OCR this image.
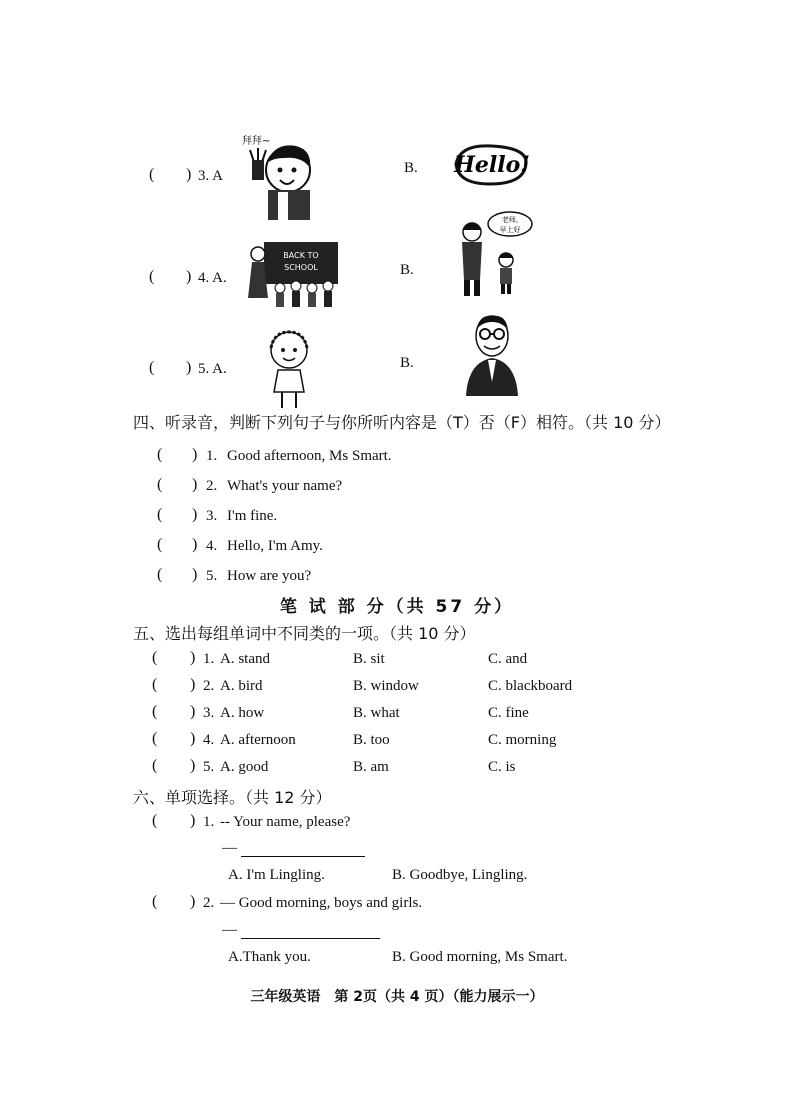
( ) 3. A	B.
拜拜~
Hello!
( ) 4. A.	B.
BACK TO
SCHOOL
老师,
早上好
( ) 5. A.	B.
四、听录音，判断下列句子与你所听内容是（T）否（F）相符。（共 10 分）
( ) 1. Good afternoon, Ms Smart.
( ) 2. What's your name?
( ) 3. I'm fine.
( ) 4. Hello, I'm Amy.
( ) 5. How are you?
笔 试 部 分（共 57 分）
五、选出每组单词中不同类的一项。（共 10 分）
( ) 1. A. stand	B. sit	C. and
( ) 2. A. bird	B. window	C. blackboard
( ) 3. A. how	B. what	C. fine
( ) 4. A. afternoon	B. too	C. morning
( ) 5. A. good	B. am	C. is
六、单项选择。（共 12 分）
( ) 1. -- Your name, please?
—
A. I'm Lingling.	B. Goodbye, Lingling.
( ) 2. — Good morning, boys and girls.
—
A.Thank you.	B. Good morning, Ms Smart.
三年级英语　第 2页（共 4 页）（能力展示一）
